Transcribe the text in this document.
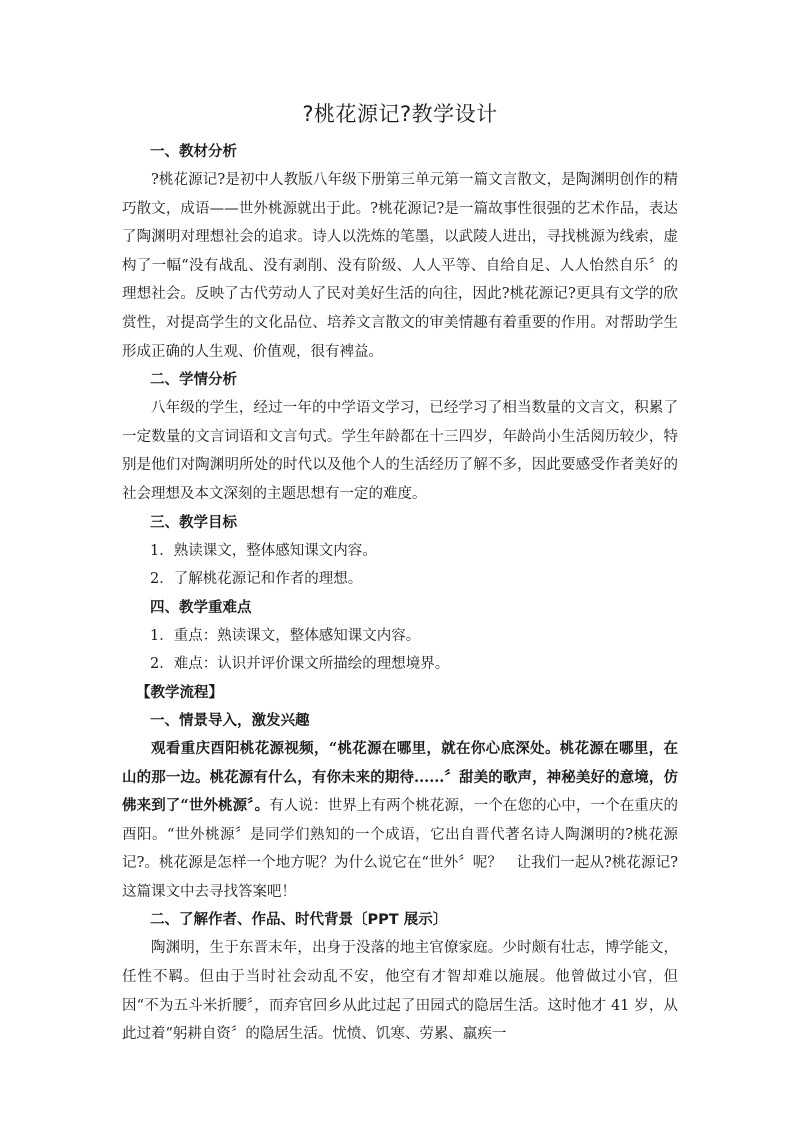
?桃花源记?教学设计
一、教材分析

?桃花源记?是初中人教版八年级下册第三单元第一篇文言散文，是陶渊明创作的精巧散文，成语——世外桃源就出于此。?桃花源记?是一篇故事性很强的艺术作品，表达了陶渊明对理想社会的追求。诗人以洗炼的笔墨，以武陵人进出，寻找桃源为线索，虚构了一幅“没有战乱、没有剥削、没有阶级、人人平等、自给自足、人人怡然自乐〞的理想社会。反映了古代劳动人了民对美好生活的向往，因此?桃花源记?更具有文学的欣赏性，对提高学生的文化品位、培养文言散文的审美情趣有着重要的作用。对帮助学生形成正确的人生观、价值观，很有裨益。

二、学情分析

八年级的学生，经过一年的中学语文学习，已经学习了相当数量的文言文，积累了一定数量的文言词语和文言句式。学生年龄都在十三四岁，年龄尚小生活阅历较少，特别是他们对陶渊明所处的时代以及他个人的生活经历了解不多，因此要感受作者美好的社会理想及本文深刻的主题思想有一定的难度。

三、教学目标

1．熟读课文，整体感知课文内容。

2．了解桃花源记和作者的理想。

四、教学重难点

1．重点：熟读课文，整体感知课文内容。

2．难点：认识并评价课文所描绘的理想境界。

【教学流程】
一、情景导入，激发兴趣

观看重庆酉阳桃花源视频，“桃花源在哪里，就在你心底深处。桃花源在哪里，在山的那一边。桃花源有什么，有你未来的期待......〞甜美的歌声，神秘美好的意境，仿佛来到了“世外桃源〞。有人说：世界上有两个桃花源，一个在您的心中，一个在重庆的酉阳。“世外桃源〞是同学们熟知的一个成语，它出自晋代著名诗人陶渊明的?桃花源记?。桃花源是怎样一个地方呢？为什么说它在“世外〞呢？　让我们一起从?桃花源记?这篇课文中去寻找答案吧！

二、了解作者、作品、时代背景〔PPT 展示〕

陶渊明，生于东晋末年，出身于没落的地主官僚家庭。少时颇有壮志，博学能文，任性不羁。但由于当时社会动乱不安，他空有才智却难以施展。他曾做过小官，但因“不为五斗米折腰〞，而弃官回乡从此过起了田园式的隐居生活。这时他才 41 岁，从此过着“躬耕自资〞的隐居生活。忧愤、饥寒、劳累、羸疾一
